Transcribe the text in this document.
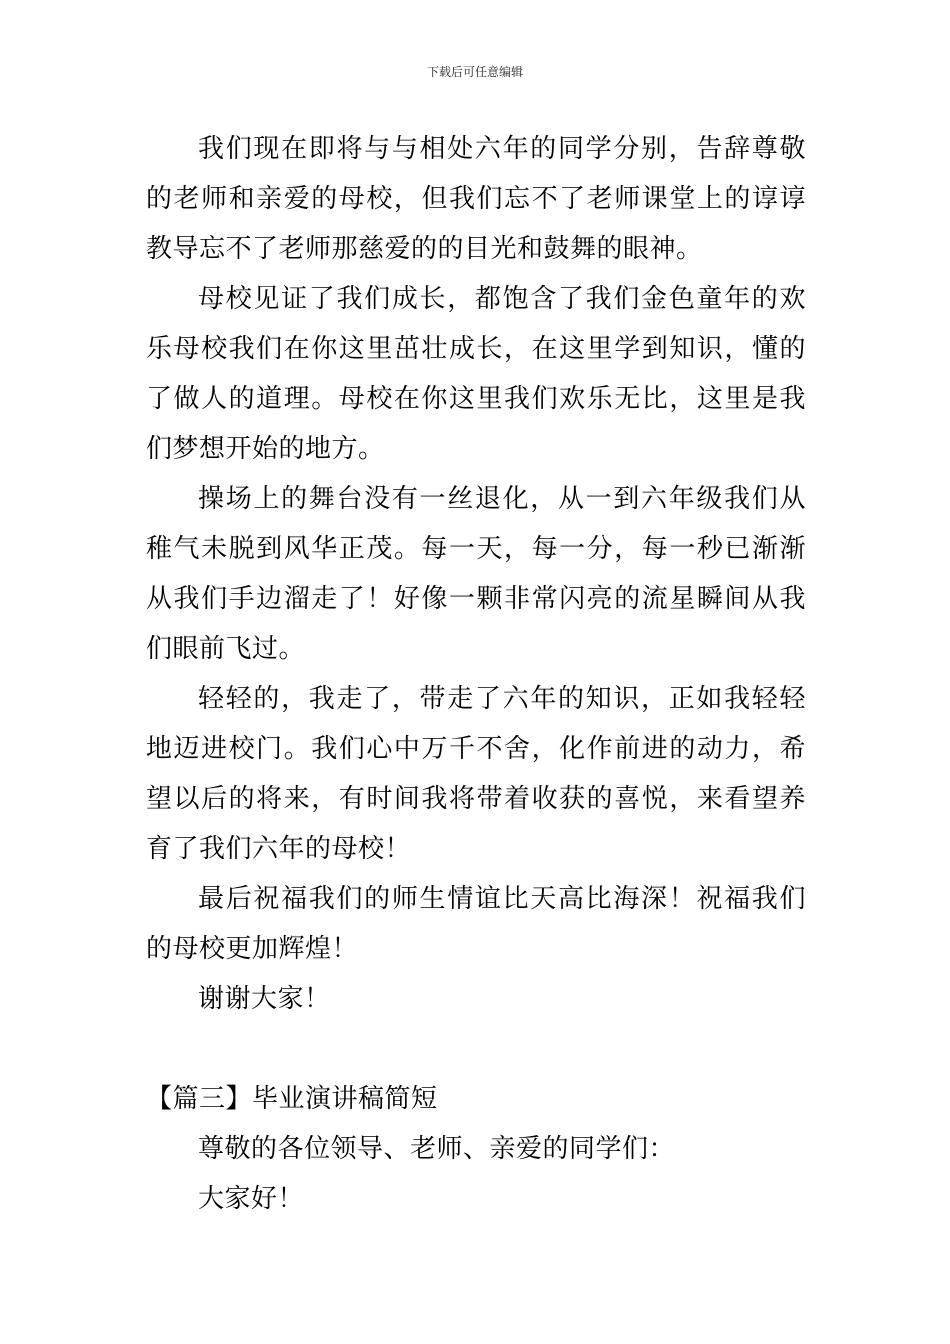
下载后可任意编辑

我们现在即将与与相处六年的同学分别，告辞尊敬的老师和亲爱的母校，但我们忘不了老师课堂上的谆谆教导忘不了老师那慈爱的的目光和鼓舞的眼神。

母校见证了我们成长，都饱含了我们金色童年的欢乐母校我们在你这里茁壮成长，在这里学到知识，懂的了做人的道理。母校在你这里我们欢乐无比，这里是我们梦想开始的地方。

操场上的舞台没有一丝退化，从一到六年级我们从稚气未脱到风华正茂。每一天，每一分，每一秒已渐渐从我们手边溜走了！好像一颗非常闪亮的流星瞬间从我们眼前飞过。

轻轻的，我走了，带走了六年的知识，正如我轻轻地迈进校门。我们心中万千不舍，化作前进的动力，希望以后的将来，有时间我将带着收获的喜悦，来看望养育了我们六年的母校！

最后祝福我们的师生情谊比天高比海深！祝福我们的母校更加辉煌！

谢谢大家！

【篇三】毕业演讲稿简短

尊敬的各位领导、老师、亲爱的同学们：

大家好！
